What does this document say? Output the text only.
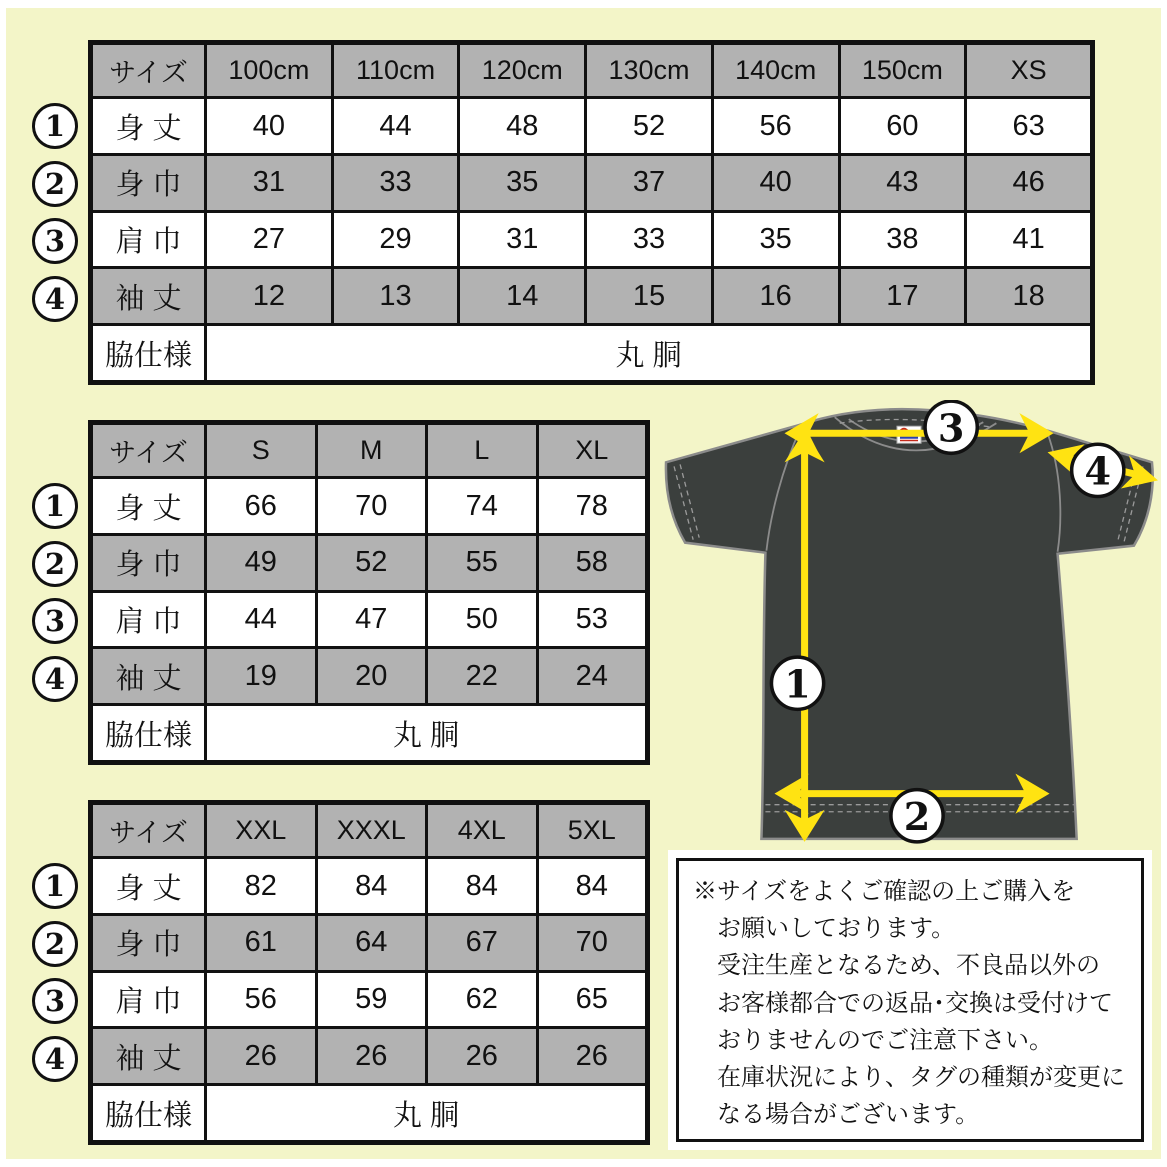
サイズ	100cm	110cm	120cm	130cm	140cm	150cm	XS
身 丈	40	44	48	52	56	60	63
身 巾	31	33	35	37	40	43	46
肩 巾	27	29	31	33	35	38	41
袖 丈	12	13	14	15	16	17	18
脇仕様	丸 胴						
サイズ	S	M	L	XL
身 丈	66	70	74	78
身 巾	49	52	55	58
肩 巾	44	47	50	53
袖 丈	19	20	22	24
脇仕様	丸 胴			
サイズ	XXL	XXXL	4XL	5XL
身 丈	82	84	84	84
身 巾	61	64	67	70
肩 巾	56	59	62	65
袖 丈	26	26	26	26
脇仕様	丸 胴			
1
2
3
4
※サイズをよくご確認の上ご購入を
お願いしております。
受注生産となるため、不良品以外の
お客様都合での返品･交換は受付けて
おりませんのでご注意下さい。
在庫状況により、タグの種類が変更に
なる場合がございます。
1
2
3
4
1
2
3
4
1
2
3
4
